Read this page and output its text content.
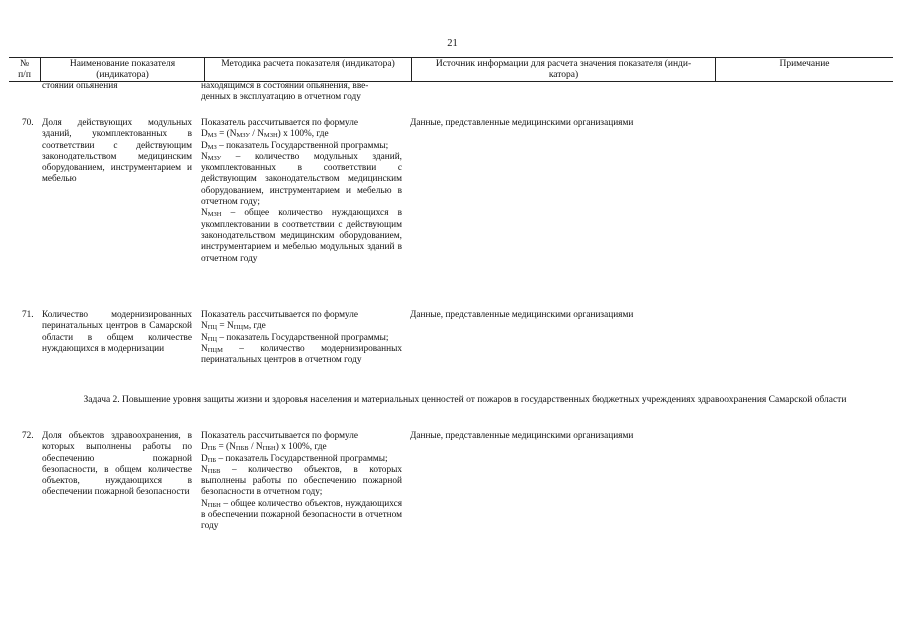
21
№
п/п
Наименование показателя
(индикатора)
Методика расчета показателя (индикатора)	Источник информации для расчета значения показателя (инди-
катора)
Примечание
стоянии опьянения	находящимся в состоянии опьянения, вве-
денных в эксплуатацию в отчетном году
70. Доля действующих модульных зданий, укомплектованных в соответствии с действующим законодательством медицинским оборудованием, инструментарием и мебелью
Показатель рассчитывается по формуле
$D_{МЗ} = (N_{МЗУ} / N_{МЗН})$ x 100%, где
$D_{МЗ}$ – показатель Государственной программы;
$N_{МЗУ}$ – количество модульных зданий, укомплектованных в соответствии с действующим законодательством медицинским оборудованием, инструментарием и мебелью в отчетном году;
$N_{МЗН}$ – общее количество нуждающихся в укомплектовании в соответствии с действующим законодательством медицинским оборудованием, инструментарием и мебелью модульных зданий в отчетном году
Данные, представленные медицинскими организациями
71. Количество модернизированных перинатальных центров в Самарской области в общем количестве нуждающихся в модернизации
Показатель рассчитывается по формуле
$N_{ПЦ} = N_{ПЦМ}$, где
$N_{ПЦ}$ – показатель Государственной программы;
$N_{ПЦМ}$ – количество модернизированных перинатальных центров в отчетном году
Данные, представленные медицинскими организациями
Задача 2. Повышение уровня защиты жизни и здоровья населения и материальных ценностей от пожаров в государственных бюджетных учреждениях здравоохранения Самарской области
72. Доля объектов здравоохранения, в которых выполнены работы по обеспечению пожарной безопасности, в общем количестве объектов, нуждающихся в обеспечении пожарной безопасности
Показатель рассчитывается по формуле
$D_{ПБ} = (N_{ПБВ} / N_{ПБН})$ x 100%, где
$D_{ПБ}$ – показатель Государственной программы;
$N_{ПБВ}$ – количество объектов, в которых выполнены работы по обеспечению пожарной безопасности в отчетном году;
$N_{ПБН}$ – общее количество объектов, нуждающихся в обеспечении пожарной безопасности в отчетном году
Данные, представленные медицинскими организациями
